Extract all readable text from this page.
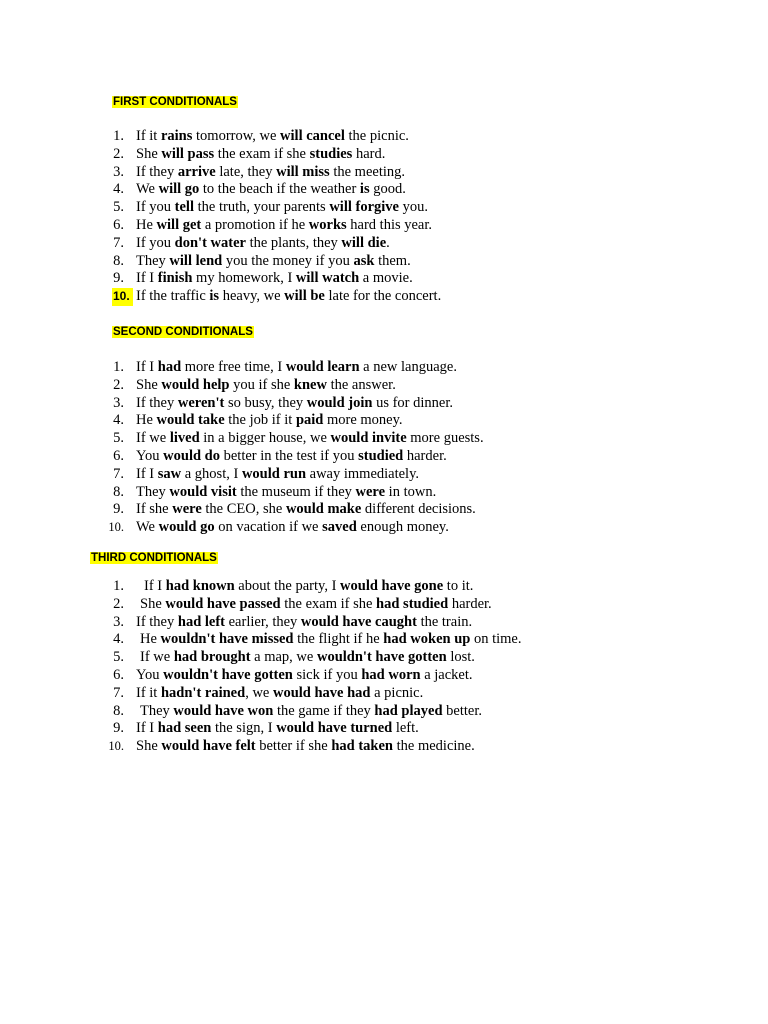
FIRST CONDITIONALS
1. If it rains tomorrow, we will cancel the picnic.
2. She will pass the exam if she studies hard.
3. If they arrive late, they will miss the meeting.
4. We will go to the beach if the weather is good.
5. If you tell the truth, your parents will forgive you.
6. He will get a promotion if he works hard this year.
7. If you don't water the plants, they will die.
8. They will lend you the money if you ask them.
9. If I finish my homework, I will watch a movie.
10. If the traffic is heavy, we will be late for the concert.
SECOND CONDITIONALS
1. If I had more free time, I would learn a new language.
2. She would help you if she knew the answer.
3. If they weren't so busy, they would join us for dinner.
4. He would take the job if it paid more money.
5. If we lived in a bigger house, we would invite more guests.
6. You would do better in the test if you studied harder.
7. If I saw a ghost, I would run away immediately.
8. They would visit the museum if they were in town.
9. If she were the CEO, she would make different decisions.
10. We would go on vacation if we saved enough money.
THIRD CONDITIONALS
1. If I had known about the party, I would have gone to it.
2. She would have passed the exam if she had studied harder.
3. If they had left earlier, they would have caught the train.
4. He wouldn't have missed the flight if he had woken up on time.
5. If we had brought a map, we wouldn't have gotten lost.
6. You wouldn't have gotten sick if you had worn a jacket.
7. If it hadn't rained, we would have had a picnic.
8. They would have won the game if they had played better.
9. If I had seen the sign, I would have turned left.
10. She would have felt better if she had taken the medicine.
